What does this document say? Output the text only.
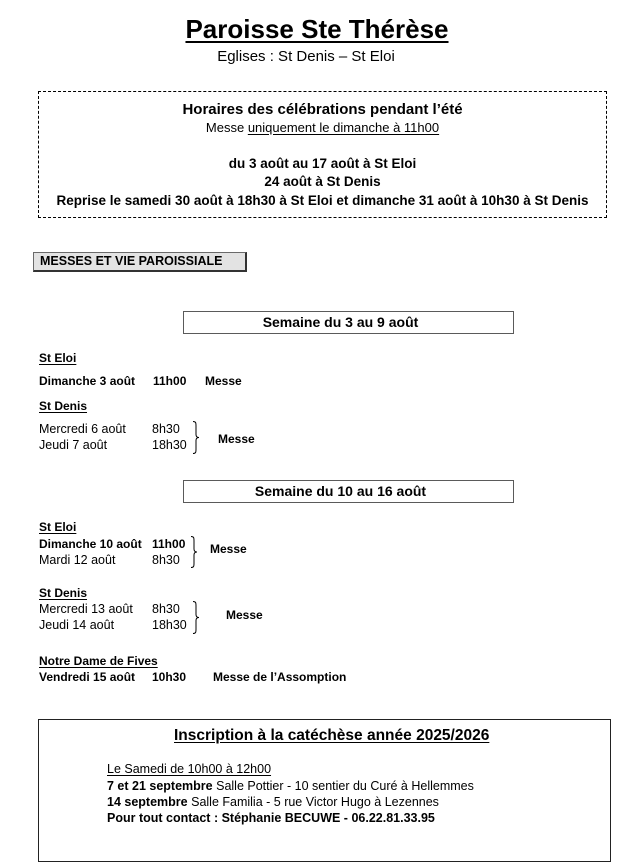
Paroisse Ste Thérèse
Eglises : St Denis – St Eloi
Horaires des célébrations pendant l’été
Messe uniquement le dimanche à 11h00
du 3 août au 17 août à St Eloi
24 août à St Denis
Reprise le samedi 30 août à 18h30 à St Eloi et dimanche 31 août à 10h30 à St Denis
MESSES ET VIE PAROISSIALE
Semaine du 3 au 9 août
St Eloi
Dimanche 3 août 11h00 Messe
St Denis
Mercredi 6 août 8h30
Jeudi 7 août	18h30	Messe
Semaine du 10 au 16 août
St Eloi
Dimanche 10 août 11h00
Mardi 12 août	8h30
Messe
St Denis
Mercredi 13 août 8h30
Jeudi 14 août	18h30
Messe
Notre Dame de Fives
Vendredi 15 août 10h30 Messe de l’Assomption
Inscription à la catéchèse année 2025/2026
Le Samedi de 10h00 à 12h00
7 et 21 septembre Salle Pottier - 10 sentier du Curé à Hellemmes
14 septembre Salle Familia - 5 rue Victor Hugo à Lezennes
Pour tout contact : Stéphanie BECUWE - 06.22.81.33.95
